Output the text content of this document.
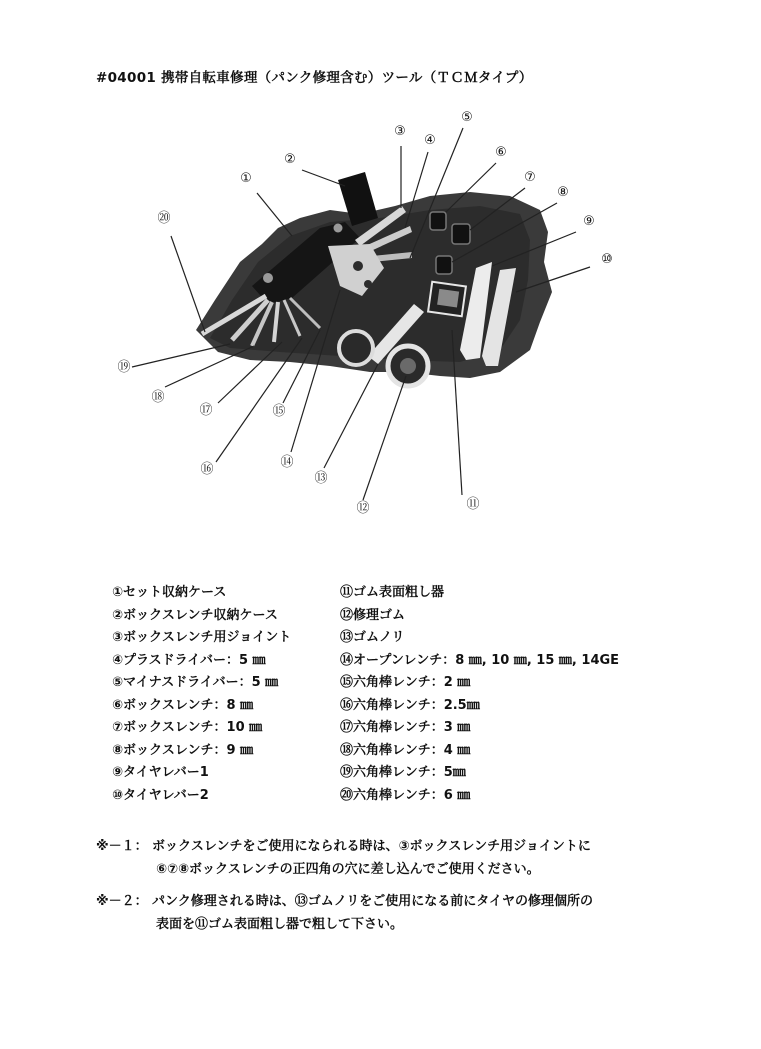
#04001 携帯自転車修理（パンク修理含む）ツール（ＴＣＭタイプ）
①
②
③
④
⑤
⑥
⑦
⑧
⑨
⑩
⑪
⑫
⑬
⑭
⑮
⑯
⑰
⑱
⑲
⑳
①セット収納ケース
②ボックスレンチ収納ケース
③ボックスレンチ用ジョイント
④プラスドライバー：5 ㎜
⑤マイナスドライバー：5 ㎜
⑥ボックスレンチ：8 ㎜
⑦ボックスレンチ：10 ㎜
⑧ボックスレンチ：9 ㎜
⑨タイヤレバー1
⑩タイヤレバー2
⑪ゴム表面粗し器
⑫修理ゴム
⑬ゴムノリ
⑭オープンレンチ：8 ㎜, 10 ㎜, 15 ㎜, 14GE
⑮六角棒レンチ：2 ㎜
⑯六角棒レンチ：2.5㎜
⑰六角棒レンチ：3 ㎜
⑱六角棒レンチ：4 ㎜
⑲六角棒レンチ：5㎜
⑳六角棒レンチ：6 ㎜
※－１： ボックスレンチをご使用になられる時は、③ボックスレンチ用ジョイントに
⑥⑦⑧ボックスレンチの正四角の穴に差し込んでご使用ください。
※－２： パンク修理される時は、⑬ゴムノリをご使用になる前にタイヤの修理個所の
表面を⑪ゴム表面粗し器で粗して下さい。
